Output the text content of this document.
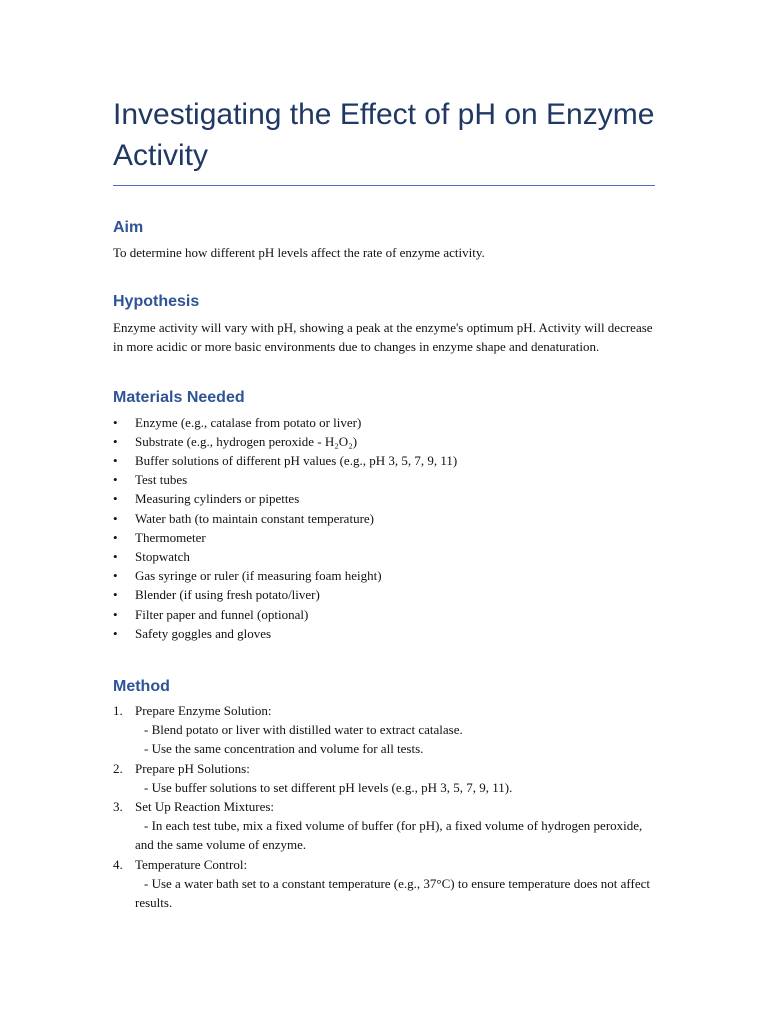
Investigating the Effect of pH on Enzyme Activity
Aim

To determine how different pH levels affect the rate of enzyme activity.

Hypothesis

Enzyme activity will vary with pH, showing a peak at the enzyme's optimum pH. Activity will decrease in more acidic or more basic environments due to changes in enzyme shape and denaturation.

Materials Needed
• Enzyme (e.g., catalase from potato or liver)
• Substrate (e.g., hydrogen peroxide - H₂O₂)
• Buffer solutions of different pH values (e.g., pH 3, 5, 7, 9, 11)
• Test tubes
• Measuring cylinders or pipettes
• Water bath (to maintain constant temperature)
• Thermometer
• Stopwatch
• Gas syringe or ruler (if measuring foam height)
• Blender (if using fresh potato/liver)
• Filter paper and funnel (optional)
• Safety goggles and gloves
Method
1. Prepare Enzyme Solution:
- Blend potato or liver with distilled water to extract catalase.
- Use the same concentration and volume for all tests.
2. Prepare pH Solutions:
- Use buffer solutions to set different pH levels (e.g., pH 3, 5, 7, 9, 11).
3. Set Up Reaction Mixtures:
- In each test tube, mix a fixed volume of buffer (for pH), a fixed volume of hydrogen peroxide, and the same volume of enzyme.
4. Temperature Control:
- Use a water bath set to a constant temperature (e.g., 37°C) to ensure temperature does not affect results.
